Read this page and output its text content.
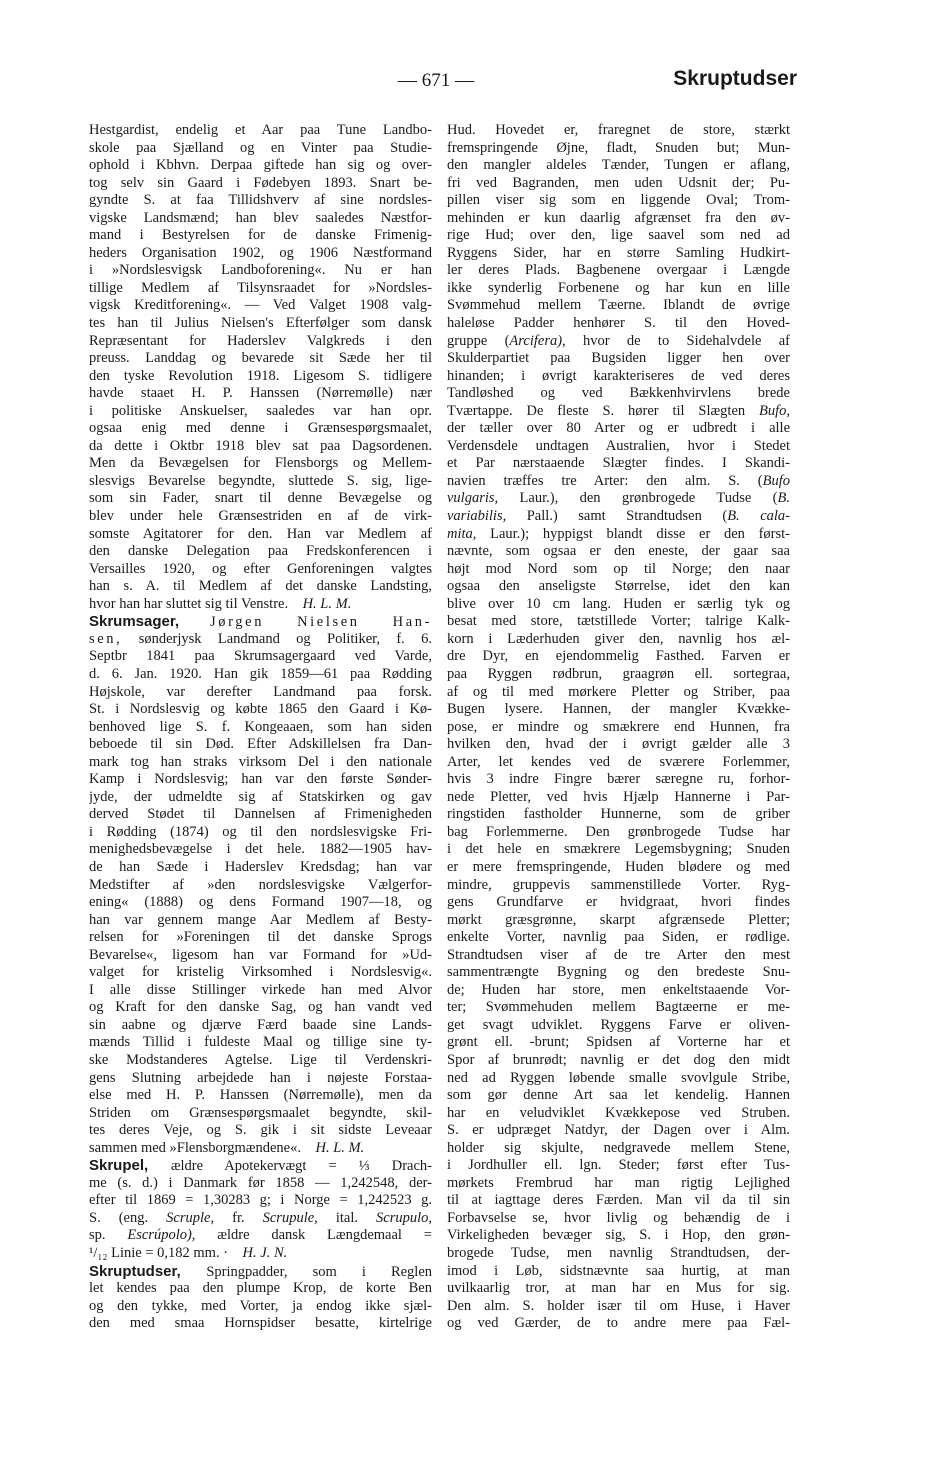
— 671 —	Skruptudser
Hestgardist, endelig et Aar paa Tune Landbo-
skole paa Sjælland og en Vinter paa Studie-
ophold i Kbhvn. Derpaa giftede han sig og over-
tog selv sin Gaard i Fødebyen 1893. Snart be-
gyndte S. at faa Tillidshverv af sine nordsles-
vigske Landsmænd; han blev saaledes Næstfor-
mand i Bestyrelsen for de danske Frimenig-
heders Organisation 1902, og 1906 Næstformand
i »Nordslesvigsk Landboforening«. Nu er han
tillige Medlem af Tilsynsraadet for »Nordsles-
vigsk Kreditforening«. — Ved Valget 1908 valg-
tes han til Julius Nielsen's Efterfølger som dansk
Repræsentant for Haderslev Valgkreds i den
preuss. Landdag og bevarede sit Sæde her til
den tyske Revolution 1918. Ligesom S. tidligere
havde staaet H. P. Hanssen (Nørremølle) nær
i politiske Anskuelser, saaledes var han opr.
ogsaa enig med denne i Grænsespørgsmaalet,
da dette i Oktbr 1918 blev sat paa Dagsordenen.
Men da Bevægelsen for Flensborgs og Mellem-
slesvigs Bevarelse begyndte, sluttede S. sig, lige-
som sin Fader, snart til denne Bevægelse og
blev under hele Grænsestriden en af de virk-
somste Agitatorer for den. Han var Medlem af
den danske Delegation paa Fredskonferencen i
Versailles 1920, og efter Genforeningen valgtes
han s. A. til Medlem af det danske Landsting,
hvor han har sluttet sig til Venstre.  H. L. M.
Skrumsager, Jørgen Nielsen Han-
sen, sønderjysk Landmand og Politiker, f. 6.
Septbr 1841 paa Skrumsagergaard ved Varde,
d. 6. Jan. 1920. Han gik 1859—61 paa Rødding
Højskole, var derefter Landmand paa forsk.
St. i Nordslesvig og købte 1865 den Gaard i Kø-
benhoved lige S. f. Kongeaaen, som han siden
beboede til sin Død. Efter Adskillelsen fra Dan-
mark tog han straks virksom Del i den nationale
Kamp i Nordslesvig; han var den første Sønder-
jyde, der udmeldte sig af Statskirken og gav
derved Stødet til Dannelsen af Frimenigheden
i Rødding (1874) og til den nordslesvigske Fri-
menighedsbevægelse i det hele. 1882—1905 hav-
de han Sæde i Haderslev Kredsdag; han var
Medstifter af »den nordslesvigske Vælgerfor-
ening« (1888) og dens Formand 1907—18, og
han var gennem mange Aar Medlem af Besty-
relsen for »Foreningen til det danske Sprogs
Bevarelse«, ligesom han var Formand for »Ud-
valget for kristelig Virksomhed i Nordslesvig«.
I alle disse Stillinger virkede han med Alvor
og Kraft for den danske Sag, og han vandt ved
sin aabne og djærve Færd baade sine Lands-
mænds Tillid i fuldeste Maal og tillige sine ty-
ske Modstanderes Agtelse. Lige til Verdenskri-
gens Slutning arbejdede han i nøjeste Forstaa-
else med H. P. Hanssen (Nørremølle), men da
Striden om Grænsespørgsmaalet begyndte, skil-
tes deres Veje, og S. gik i sit sidste Leveaar
sammen med »Flensborgmændene«.  H. L. M.
Skrupel, ældre Apotekervægt = ⅓ Drach-
me (s. d.) i Danmark før 1858 — 1,242548, der-
efter til 1869 = 1,30283 g; i Norge = 1,242523 g.
S. (eng. Scruple, fr. Scrupule, ital. Scrupulo,
sp. Escrúpolo), ældre dansk Længdemaal =
¹/₁₂ Linie = 0,182 mm. ·  H. J. N.
Skruptudser, Springpadder, som i Reglen
let kendes paa den plumpe Krop, de korte Ben
og den tykke, med Vorter, ja endog ikke sjæl-
den med smaa Hornspidser besatte, kirtelrige
Hud. Hovedet er, fraregnet de store, stærkt
fremspringende Øjne, fladt, Snuden but; Mun-
den mangler aldeles Tænder, Tungen er aflang,
fri ved Bagranden, men uden Udsnit der; Pu-
pillen viser sig som en liggende Oval; Trom-
mehinden er kun daarlig afgrænset fra den øv-
rige Hud; over den, lige saavel som ned ad
Ryggens Sider, har en større Samling Hudkirt-
ler deres Plads. Bagbenene overgaar i Længde
ikke synderlig Forbenene og har kun en lille
Svømmehud mellem Tæerne. Iblandt de øvrige
haleløse Padder henhører S. til den Hoved-
gruppe (Arcifera), hvor de to Sidehalvdele af
Skulderpartiet paa Bugsiden ligger hen over
hinanden; i øvrigt karakteriseres de ved deres
Tandløshed og ved Bækkenhvirvlens brede
Tværtappe. De fleste S. hører til Slægten Bufo,
der tæller over 80 Arter og er udbredt i alle
Verdensdele undtagen Australien, hvor i Stedet
et Par nærstaaende Slægter findes. I Skandi-
navien træffes tre Arter: den alm. S. (Bufo
vulgaris, Laur.), den grønbrogede Tudse (B.
variabilis, Pall.) samt Strandtudsen (B. cala-
mita, Laur.); hyppigst blandt disse er den først-
nævnte, som ogsaa er den eneste, der gaar saa
højt mod Nord som op til Norge; den naar
ogsaa den anseligste Størrelse, idet den kan
blive over 10 cm lang. Huden er særlig tyk og
besat med store, tætstillede Vorter; talrige Kalk-
korn i Læderhuden giver den, navnlig hos æl-
dre Dyr, en ejendommelig Fasthed. Farven er
paa Ryggen rødbrun, graagrøn ell. sortegraa,
af og til med mørkere Pletter og Striber, paa
Bugen lysere. Hannen, der mangler Kvække-
pose, er mindre og smækrere end Hunnen, fra
hvilken den, hvad der i øvrigt gælder alle 3
Arter, let kendes ved de sværere Forlemmer,
hvis 3 indre Fingre bærer særegne ru, forhor-
nede Pletter, ved hvis Hjælp Hannerne i Par-
ringstiden fastholder Hunnerne, som de griber
bag Forlemmerne. Den grønbrogede Tudse har
i det hele en smækrere Legemsbygning; Snuden
er mere fremspringende, Huden blødere og med
mindre, gruppevis sammenstillede Vorter. Ryg-
gens Grundfarve er hvidgraat, hvori findes
mørkt græsgrønne, skarpt afgrænsede Pletter;
enkelte Vorter, navnlig paa Siden, er rødlige.
Strandtudsen viser af de tre Arter den mest
sammentrængte Bygning og den bredeste Snu-
de; Huden har store, men enkeltstaaende Vor-
ter; Svømmehuden mellem Bagtæerne er me-
get svagt udviklet. Ryggens Farve er oliven-
grønt ell. -brunt; Spidsen af Vorterne har et
Spor af brunrødt; navnlig er det dog den midt
ned ad Ryggen løbende smalle svovlgule Stribe,
som gør denne Art saa let kendelig. Hannen
har en veludviklet Kvækkepose ved Struben.
S. er udpræget Natdyr, der Dagen over i Alm.
holder sig skjulte, nedgravede mellem Stene,
i Jordhuller ell. lgn. Steder; først efter Tus-
mørkets Frembrud har man rigtig Lejlighed
til at iagttage deres Færden. Man vil da til sin
Forbavselse se, hvor livlig og behændig de i
Virkeligheden bevæger sig, S. i Hop, den grøn-
brogede Tudse, men navnlig Strandtudsen, der-
imod i Løb, sidstnævnte saa hurtig, at man
uvilkaarlig tror, at man har en Mus for sig.
Den alm. S. holder især til om Huse, i Haver
og ved Gærder, de to andre mere paa Fæl-
